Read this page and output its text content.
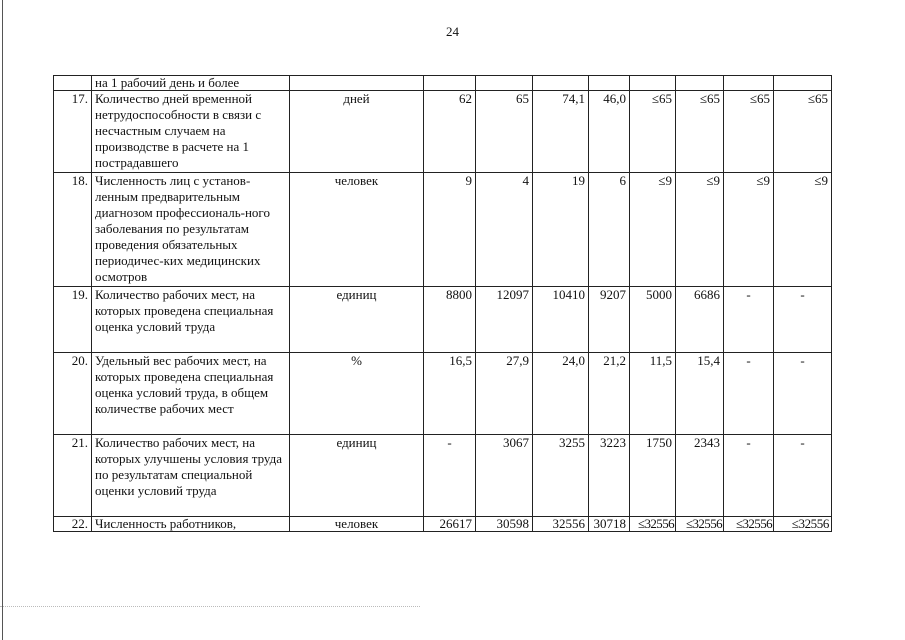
24
	на 1 рабочий день и более									
17.	Количество дней временной нетрудоспособности в связи с несчастным случаем на производстве в расчете на 1 пострадавшего	дней	62	65	74,1	46,0	≤65	≤65	≤65	≤65
18.	Численность лиц с установ-ленным предварительным диагнозом профессиональ-ного заболевания по результатам проведения обязательных периодичес-ких медицинских осмотров	человек	9	4	19	6	≤9	≤9	≤9	≤9
19.	Количество рабочих мест, на которых проведена специальная оценка условий труда	единиц	8800	12097	10410	9207	5000	6686	-	-
20.	Удельный вес рабочих мест, на которых проведена специальная оценка условий труда, в общем количестве рабочих мест	%	16,5	27,9	24,0	21,2	11,5	15,4	-	-
21.	Количество рабочих мест, на которых улучшены условия труда по результатам специальной оценки условий труда	единиц	-	3067	3255	3223	1750	2343	-	-
22.	Численность работников,	человек	26617	30598	32556	30718	≤32556	≤32556	≤32556	≤32556
